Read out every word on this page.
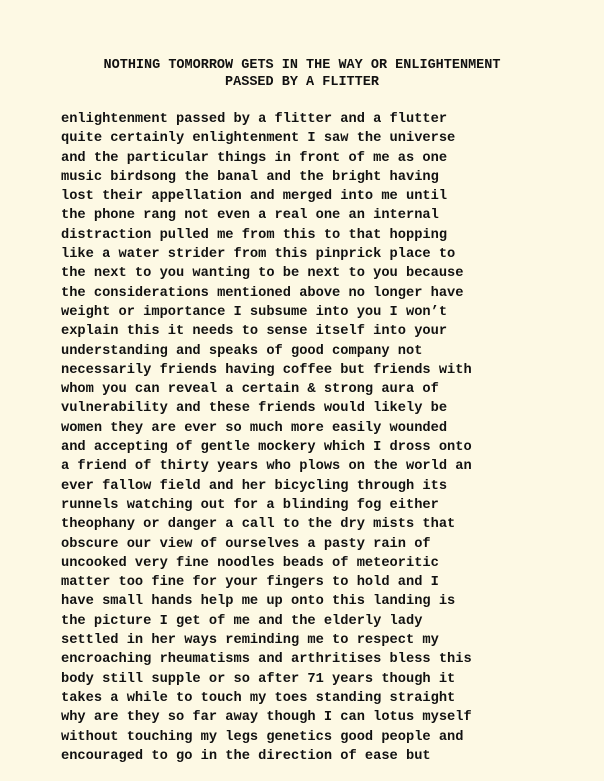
NOTHING TOMORROW GETS IN THE WAY OR ENLIGHTENMENT
PASSED BY A FLITTER
enlightenment passed by a flitter and a flutter
quite certainly enlightenment I saw the universe
and the particular things in front of me as one
music birdsong the banal and the bright having
lost their appellation and merged into me until
the phone rang not even a real one an internal
distraction pulled me from this to that hopping
like a water strider from this pinprick place to
the next to you wanting to be next to you because
the considerations mentioned above no longer have
weight or importance I subsume into you I won’t
explain this it needs to sense itself into your
understanding and speaks of good company not
necessarily friends having coffee but friends with
whom you can reveal a certain & strong aura of
vulnerability and these friends would likely be
women they are ever so much more easily wounded
and accepting of gentle mockery which I dross onto
a friend of thirty years who plows on the world an
ever fallow field and her bicycling through its
runnels watching out for a blinding fog either
theophany or danger a call to the dry mists that
obscure our view of ourselves a pasty rain of
uncooked very fine noodles beads of meteoritic
matter too fine for your fingers to hold and I
have small hands help me up onto this landing is
the picture I get of me and the elderly lady
settled in her ways reminding me to respect my
encroaching rheumatisms and arthritises bless this
body still supple or so after 71 years though it
takes a while to touch my toes standing straight
why are they so far away though I can lotus myself
without touching my legs genetics good people and
encouraged to go in the direction of ease but
